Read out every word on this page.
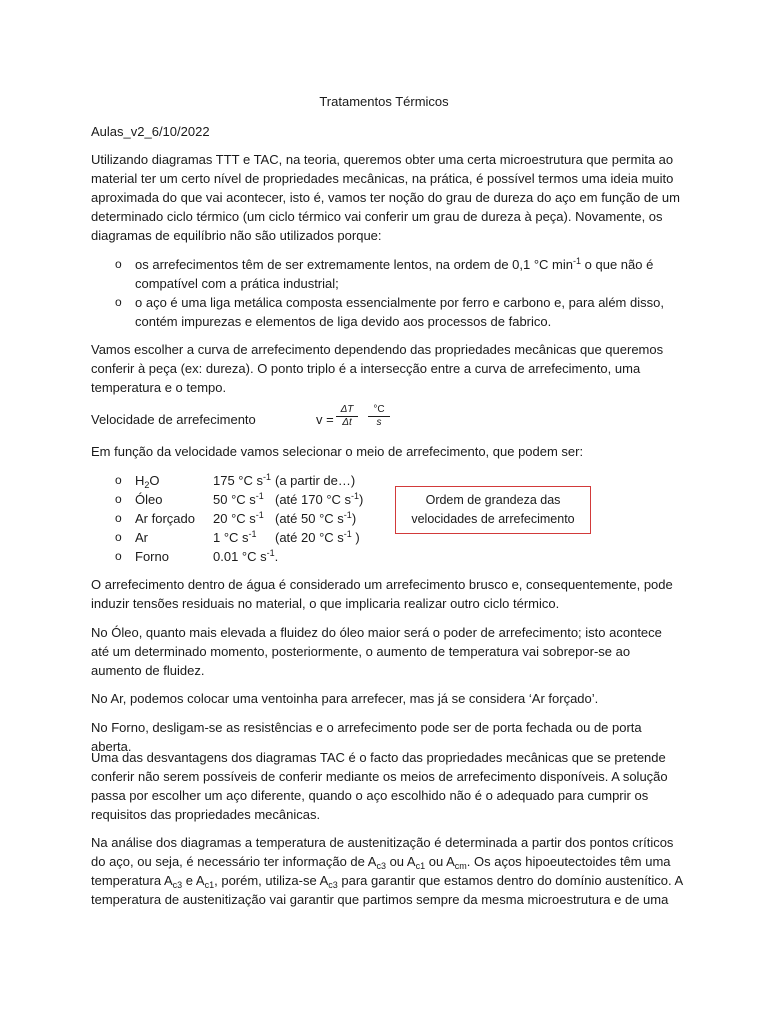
Tratamentos Térmicos
Aulas_v2_6/10/2022

Utilizando diagramas TTT e TAC, na teoria, queremos obter uma certa microestrutura que permita ao material ter um certo nível de propriedades mecânicas, na prática, é possível termos uma ideia muito aproximada do que vai acontecer, isto é, vamos ter noção do grau de dureza do aço em função de um determinado ciclo térmico (um ciclo térmico vai conferir um grau de dureza à peça). Novamente, os diagramas de equilíbrio não são utilizados porque:

o os arrefecimentos têm de ser extremamente lentos, na ordem de 0,1 °C $\min^{-1} o$ que não é compatível com a prática industrial;
o o aço é uma liga metálica composta essencialmente por ferro e carbono e, para além disso, contém impurezas e elementos de liga devido aos processos de fabrico.

Vamos escolher a curva de arrefecimento dependendo das propriedades mecânicas que queremos conferir à peça (ex: dureza). O ponto triplo é a intersecção entre a curva de arrefecimento, uma temperatura e o tempo.

Velocidade de arrefecimento	$v = \frac{\Delta T}{\Delta t} \frac{^\circ C}{s}$

Em função da velocidade vamos selecionar o meio de arrefecimento, que podem ser:

o $H_2O$	175 °C $s^{-1}$ (a partir de…)
o Óleo	50 °C $s^{-1}$ (até 170 °C $s^{-1}$)
o Ar forçado 20 °C $s^{-1}$ (até 50 °C $s^{-1}$)
o Ar	1 °C $s^{-1}$ (até 20 °C $s^{-1}$ )
o Forno	0.01 °C $s^{-1}$.
Ordem de grandeza das velocidades de arrefecimento

O arrefecimento dentro de água é considerado um arrefecimento brusco e, consequentemente, pode induzir tensões residuais no material, o que implicaria realizar outro ciclo térmico.

No Óleo, quanto mais elevada a fluidez do óleo maior será o poder de arrefecimento; isto acontece até um determinado momento, posteriormente, o aumento de temperatura vai sobrepor-se ao aumento de fluidez.

No Ar, podemos colocar uma ventoinha para arrefecer, mas já se considera ‘Ar forçado’.

No Forno, desligam-se as resistências e o arrefecimento pode ser de porta fechada ou de porta aberta.

Uma das desvantagens dos diagramas TAC é o facto das propriedades mecânicas que se pretende conferir não serem possíveis de conferir mediante os meios de arrefecimento disponíveis. A solução passa por escolher um aço diferente, quando o aço escolhido não é o adequado para cumprir os requisitos das propriedades mecânicas.

Na análise dos diagramas a temperatura de austenitização é determinada a partir dos pontos críticos do aço, ou seja, é necessário ter informação de $A_{c3}$ ou $A_{c1}$ ou $A_{cm}$. Os aços hipoeutectoides têm uma temperatura $A_{c3}$ e $A_{c1}$, porém, utiliza-se $A_{c3}$ para garantir que estamos dentro do domínio austenítico. A temperatura de austenitização vai garantir que partimos sempre da mesma microestrutura e de uma
